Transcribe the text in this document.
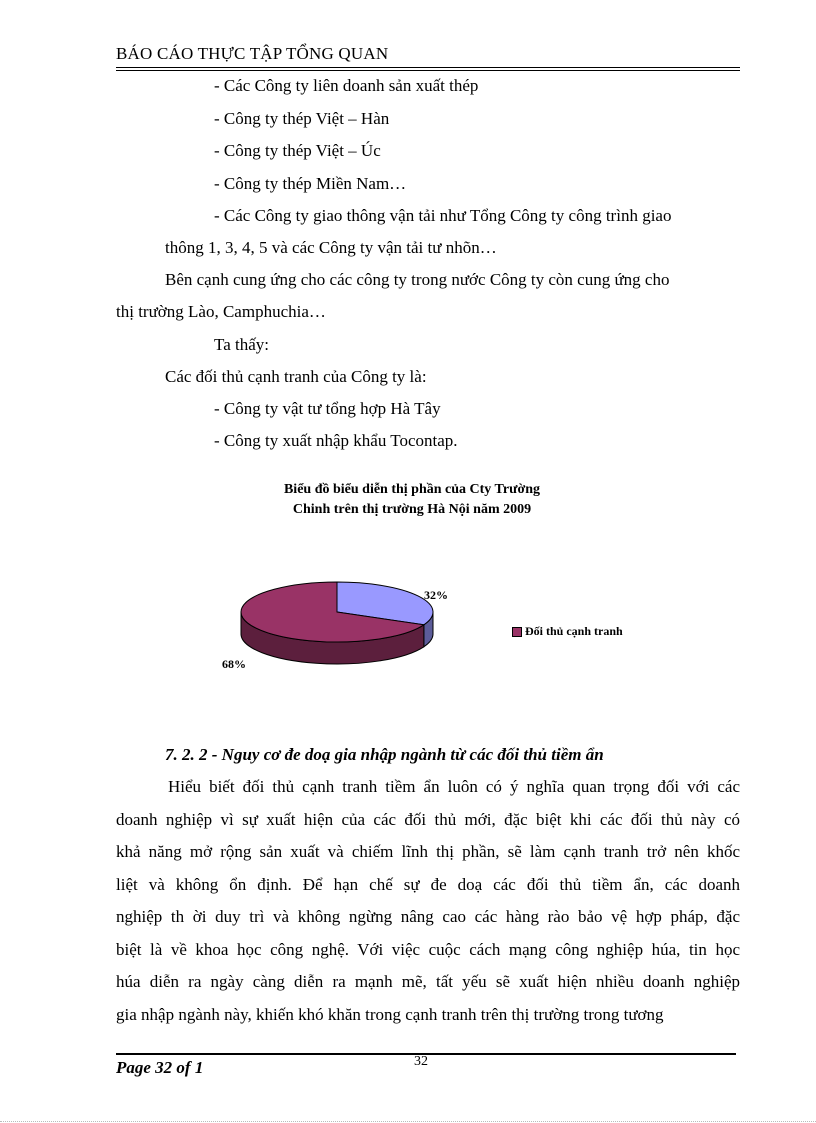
BÁO CÁO THỰC TẬP TỔNG QUAN
- Các Công ty liên doanh sản xuất thép
- Công ty thép Việt – Hàn
- Công ty thép Việt – Úc
- Công ty thép Miền Nam…
- Các Công ty giao thông vận tải như Tổng Công ty công trình giao
thông 1, 3, 4, 5 và các Công ty vận tải tư nhõn…
Bên cạnh cung ứng cho các công ty trong nước Công ty còn cung ứng cho
thị trường Lào, Camphuchia…
Ta thấy:
Các đối thủ cạnh tranh của Công ty là:
- Công ty vật tư tổng hợp Hà Tây
- Công ty xuất nhập khẩu Tocontap.
Biểu đồ biểu diễn thị phần của Cty Trường
Chinh trên thị trường Hà Nội năm 2009
32%
68%
Đối thủ cạnh tranh
7. 2. 2 - Nguy cơ đe doạ gia nhập ngành từ các đối thủ tiềm ẩn
Hiểu biết đối thủ cạnh tranh tiềm ẩn luôn có ý nghĩa quan trọng đối với các
doanh nghiệp vì sự xuất hiện của các đối thủ mới, đặc biệt khi các đối thủ này có
khả năng mở rộng sản xuất và chiếm lĩnh thị phần, sẽ làm cạnh tranh trở nên khốc
liệt và không ổn định. Để hạn chế sự đe doạ các đối thủ tiềm ẩn, các doanh
nghiệp th ời duy trì và không ngừng nâng cao các hàng rào bảo vệ hợp pháp, đặc
biệt là về khoa học công nghệ. Với việc cuộc cách mạng công nghiệp húa, tin học
húa diễn ra ngày càng diễn ra mạnh mẽ, tất yếu sẽ xuất hiện nhiều doanh nghiệp
gia nhập ngành này, khiến khó khăn trong cạnh tranh trên thị trường trong tương
Page 32 of 1	32
